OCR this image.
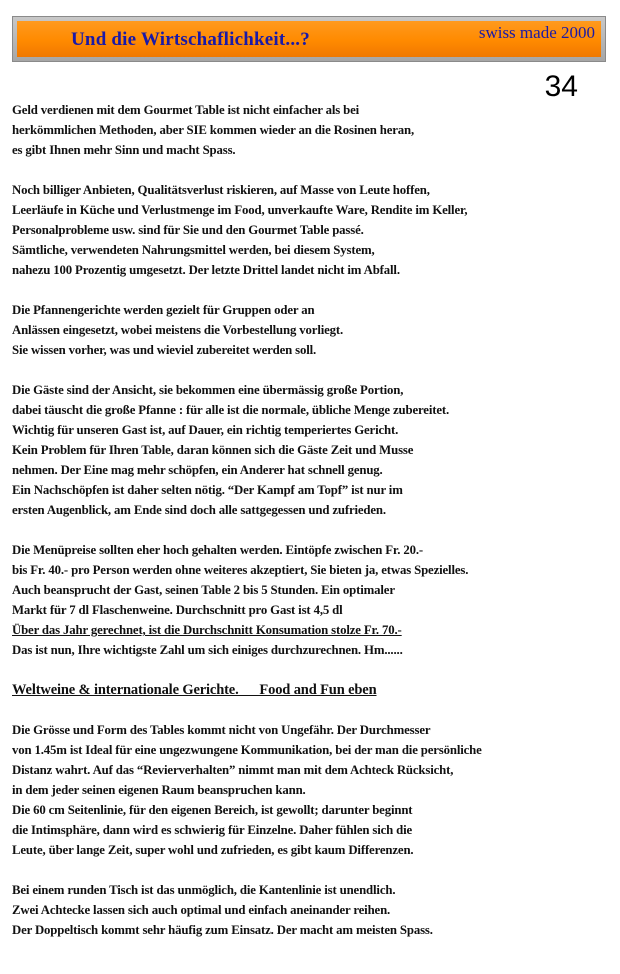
Und die Wirtschaflichkeit...?	swiss made 2000
34
Geld verdienen mit dem Gourmet Table ist nicht einfacher als bei
herkömmlichen Methoden, aber SIE kommen wieder an die Rosinen heran,
es gibt Ihnen mehr Sinn und macht Spass.
Noch billiger Anbieten, Qualitätsverlust riskieren, auf Masse von Leute hoffen,
Leerläufe in Küche und Verlustmenge im Food, unverkaufte Ware, Rendite im Keller,
Personalprobleme usw. sind für Sie und den Gourmet Table passé.
Sämtliche, verwendeten Nahrungsmittel werden, bei diesem System,
nahezu 100 Prozentig umgesetzt. Der letzte Drittel landet nicht im Abfall.
Die Pfannengerichte werden gezielt für Gruppen oder an
Anlässen eingesetzt, wobei meistens die Vorbestellung vorliegt.
Sie wissen vorher, was und wieviel zubereitet werden soll.
Die Gäste sind der Ansicht, sie bekommen eine übermässig große Portion,
dabei täuscht die große Pfanne : für alle ist die normale, übliche Menge zubereitet.
Wichtig für unseren Gast ist, auf Dauer, ein richtig temperiertes Gericht.
Kein Problem für Ihren Table, daran können sich die Gäste Zeit und Musse
nehmen. Der Eine mag mehr schöpfen, ein Anderer hat schnell genug.
Ein Nachschöpfen ist daher selten nötig. “Der Kampf am Topf” ist nur im
ersten Augenblick, am Ende sind doch alle sattgegessen und zufrieden.
Die Menüpreise sollten eher hoch gehalten werden. Eintöpfe zwischen Fr. 20.-
bis Fr. 40.- pro Person werden ohne weiteres akzeptiert, Sie bieten ja, etwas Spezielles.
Auch beansprucht der Gast, seinen Table 2 bis 5 Stunden. Ein optimaler
Markt für 7 dl Flaschenweine. Durchschnitt pro Gast ist 4,5 dl
Über das Jahr gerechnet, ist die Durchschnitt Konsumation stolze Fr. 70.-
Das ist nun, Ihre wichtigste Zahl um sich einiges durchzurechnen. Hm......
Weltweine & internationale Gerichte.      Food and Fun eben
Die Grösse und Form des Tables kommt nicht von Ungefähr. Der Durchmesser
von 1.45m ist Ideal für eine ungezwungene Kommunikation, bei der man die persönliche
Distanz wahrt. Auf das “Revierverhalten” nimmt man mit dem Achteck Rücksicht,
in dem jeder seinen eigenen Raum beanspruchen kann.
Die 60 cm Seitenlinie, für den eigenen Bereich, ist gewollt; darunter beginnt
die Intimsphäre, dann wird es schwierig für Einzelne. Daher fühlen sich die
Leute, über lange Zeit, super wohl und zufrieden, es gibt kaum Differenzen.
Bei einem runden Tisch ist das unmöglich, die Kantenlinie ist unendlich.
Zwei Achtecke lassen sich auch optimal und einfach aneinander reihen.
Der Doppeltisch kommt sehr häufig zum Einsatz. Der macht am meisten Spass.
